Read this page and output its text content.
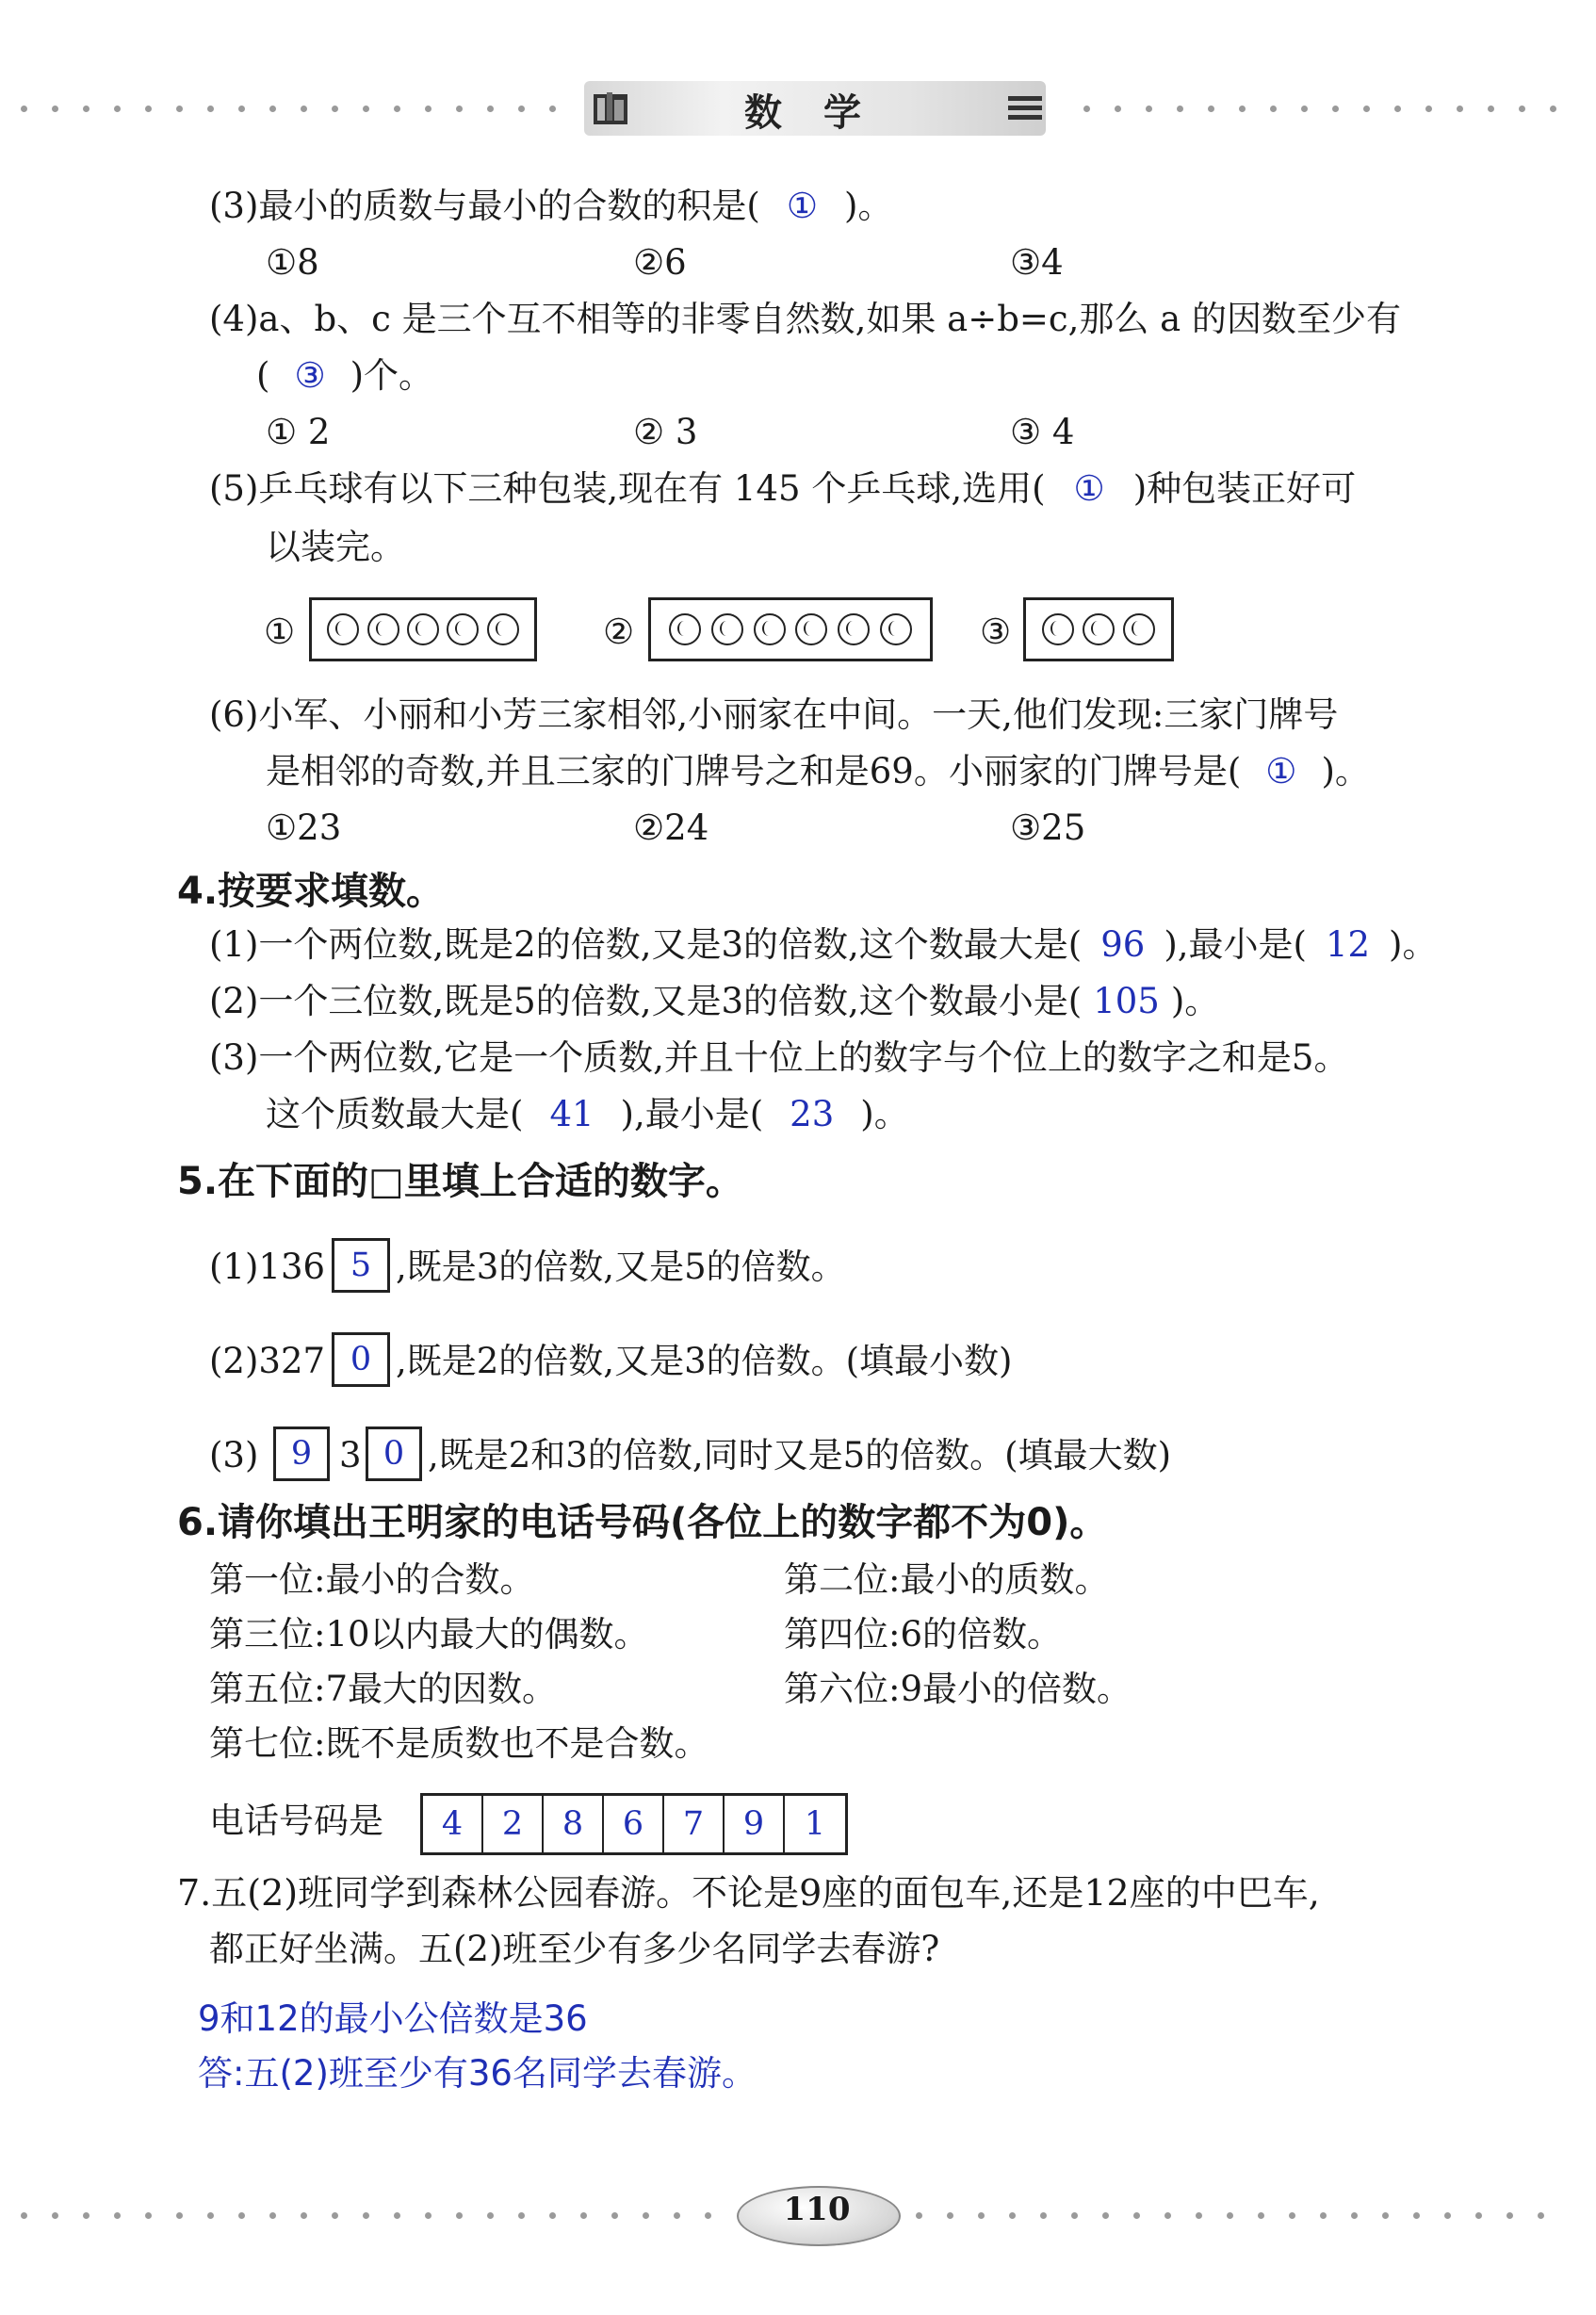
数学
(3)最小的质数与最小的合数的积是( ① )。
①8	②6	③4
(4)a、b、c 是三个互不相等的非零自然数,如果 a÷b=c,那么 a 的因数至少有
( ③ )个。
① 2	② 3	③ 4
(5)乒乓球有以下三种包装,现在有 145 个乒乓球,选用( ① )种包装正好可
以装完。
①	②	③
(6)小军、小丽和小芳三家相邻,小丽家在中间。一天,他们发现:三家门牌号
是相邻的奇数,并且三家的门牌号之和是69。小丽家的门牌号是( ① )。
①23	②24	③25
4.按要求填数。
(1)一个两位数,既是2的倍数,又是3的倍数,这个数最大是( 96 ),最小是( 12 )。
(2)一个三位数,既是5的倍数,又是3的倍数,这个数最小是( 105 )。
(3)一个两位数,它是一个质数,并且十位上的数字与个位上的数字之和是5。
这个质数最大是( 41 ),最小是( 23 )。
5.在下面的□里填上合适的数字。
(1)136 5 ,既是3的倍数,又是5的倍数。
(2)327 0 ,既是2的倍数,又是3的倍数。(填最小数)
(3) 9 3 0 ,既是2和3的倍数,同时又是5的倍数。(填最大数)
6.请你填出王明家的电话号码(各位上的数字都不为0)。
第一位:最小的合数。	第二位:最小的质数。
第三位:10以内最大的偶数。	第四位:6的倍数。
第五位:7最大的因数。	第六位:9最小的倍数。
第七位:既不是质数也不是合数。
电话号码是	4	2	8	6	7	9	1
7.五(2)班同学到森林公园春游。不论是9座的面包车,还是12座的中巴车,
都正好坐满。五(2)班至少有多少名同学去春游?
9和12的最小公倍数是36
答:五(2)班至少有36名同学去春游。
110
